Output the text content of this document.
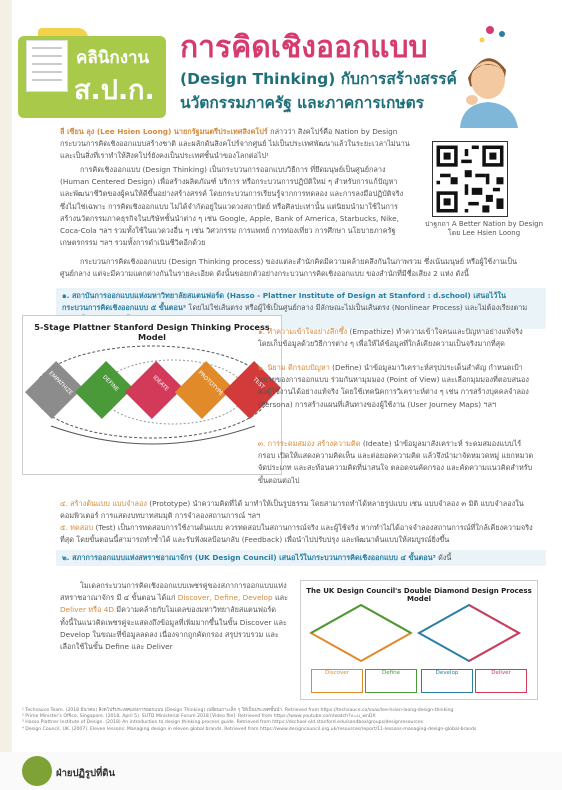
คลินิกงาน
ส.ป.ก.
การคิดเชิงออกแบบ
(Design Thinking) กับการสร้างสรรค์
นวัตกรรมภาครัฐ และภาคการเกษตร
ปาฐกถา A Better Nation by Design โดย Lee Hsien Loong
ลี เซียน ลุง (Lee Hsien Loong) นายกรัฐมนตรีประเทศสิงคโปร์ กล่าวว่า สิงคโปร์คือ Nation by Design กระบวนการคิดเชิงออกแบบสร้างชาติ และผลักดันสิงคโปร์จากศูนย์ ไม่เป็นประเทศพัฒนาแล้วในระยะเวลาไม่นาน และเป็นสิ่งที่เราทำให้สิงคโปร์ยังคงเป็นประเทศชั้นนำของโลกต่อไป¹
การคิดเชิงออกแบบ (Design Thinking) เป็นกระบวนการออกแบบวิธีการ ที่ยึดมนุษย์เป็นศูนย์กลาง (Human Centered Design) เพื่อสร้างผลิตภัณฑ์ บริการ หรือกระบวนการปฏิบัติใหม่ ๆ สำหรับการแก้ปัญหา และพัฒนาชีวิตของผู้คนให้ดีขึ้นอย่างสร้างสรรค์ โดยกระบวนการเรียนรู้จากการทดลอง และการลงมือปฏิบัติจริง ซึ่งไม่ใช่เฉพาะ การคิดเชิงออกแบบ ไม่ได้จำกัดอยู่ในแวดวงสถาปัตย์ หรือศิลปะเท่านั้น แต่นิยมนำมาใช้ในการสร้างนวัตกรรมภาคธุรกิจในบริษัทชั้นนำต่าง ๆ เช่น Google, Apple, Bank of America, Starbucks, Nike, Coca-Cola ฯลฯ รวมทั้งใช้ในแวดวงอื่น ๆ เช่น วิศวกรรม การแพทย์ การท่องเที่ยว การศึกษา นโยบายภาครัฐ เกษตรกรรม ฯลฯ รวมทั้งการดำเนินชีวิตอีกด้วย
กระบวนการคิดเชิงออกแบบ (Design Thinking process) ของแต่ละสำนักคิดมีความคล้ายคลึงกันในภาพรวม ซึ่งเน้นมนุษย์ หรือผู้ใช้งานเป็นศูนย์กลาง แต่จะมีความแตกต่างกันในรายละเอียด ดังนั้นขอยกตัวอย่างกระบวนการคิดเชิงออกแบบ ของสำนักที่มีชื่อเสียง 2 แห่ง ดังนี้
๑. สถาบันการออกแบบแห่งมหาวิทยาลัยสแตนฟอร์ด (Hasso - Plattner Institute of Design at Stanford : d.school) เสนอไว้ในกระบวนการคิดเชิงออกแบบ ๕ ขั้นตอน² โดยไม่ใช่เส้นตรง หรือผู้ใช้เป็นศูนย์กลาง มีลักษณะไม่เป็นเส้นตรง (Nonlinear Process) และไม่ต้องเรียงตาม
5-Stage Plattner Stanford Design Thinking Process Model
EMPATHIZE	DEFINE	IDEATE	PROTOTYPE	TEST
๑. ทำความเข้าใจอย่างลึกซึ้ง (Empathize) ทำความเข้าใจคนและปัญหาอย่างแท้จริง โดยเก็บข้อมูลด้วยวิธีการต่าง ๆ เพื่อให้ได้ข้อมูลที่ใกล้เคียงความเป็นจริงมากที่สุด
๒. นิยาม ตีกรอบปัญหา (Define) นำข้อมูลมาวิเคราะห์สรุปประเด็นสำคัญ กำหนดเป้าหมายของการออกแบบ ร่วมกันหามุมมอง (Point of View) และเลือกมุมมองที่ตอบสนองต่อผู้ใช้งานได้อย่างแท้จริง โดยใช้เทคนิคการวิเคราะห์ต่าง ๆ เช่น การสร้างบุคคลจำลอง (Persona) การสร้างแผนที่เส้นทางของผู้ใช้งาน (User Journey Maps) ฯลฯ
๓. การระดมสมอง สร้างความคิด (Ideate) นำข้อมูลมาสังเคราะห์ ระดมสมองแบบไร้กรอบ เปิดให้แสดงความคิดเห็น และต่อยอดความคิด แล้วจึงนำมาจัดหมวดหมู่ แยกหมวด จัดประเภท และสะท้อนความคิดที่น่าสนใจ ตลอดจนคัดกรอง และคัดความแนวคิดสำหรับขั้นตอนต่อไป
๔. สร้างต้นแบบ แบบจำลอง (Prototype) นำความคิดที่ได้ มาทำให้เป็นรูปธรรม โดยสามารถทำได้หลายรูปแบบ เช่น แบบจำลอง ๓ มิติ แบบจำลองในคอมพิวเตอร์ การแสดงบทบาทสมมุติ การจำลองสถานการณ์ ฯลฯ
๕. ทดสอบ (Test) เป็นการทดสอบการใช้งานต้นแบบ ควรทดสอบในสถานการณ์จริง และผู้ใช้จริง หากทำไม่ได้อาจจำลองสถานการณ์ที่ใกล้เคียงความจริงที่สุด โดยขั้นตอนนี้สามารถทำซ้ำได้ และรับฟังผลป้อนกลับ (Feedback) เพื่อนำไปปรับปรุง และพัฒนาต้นแบบให้สมบูรณ์ยิ่งขึ้น
๒. สภาการออกแบบแห่งสหราชอาณาจักร (UK Design Council) เสนอไว้ในกระบวนการคิดเชิงออกแบบ ๔ ขั้นตอน³ ดังนี้
โมเดลกระบวนการคิดเชิงออกแบบเพชรคู่ของสภาการออกแบบแห่งสหราชอาณาจักร มี ๔ ขั้นตอน ได้แก่ Discover, Define, Develop และ Deliver หรือ 4D มีความคล้ายกับโมเดลของมหาวิทยาลัยสแตนฟอร์ด ทั้งนี้ในแนวคิดเพชรคู่จะแสดงถึงข้อมูลที่เพิ่มมากขึ้นในขั้น Discover และ Develop ในขณะที่ข้อมูลลดลง เนื่องจากถูกคัดกรอง สรุปรวบรวม และเลือกใช้ในขั้น Define และ Deliver
The UK Design Council's Double Diamond Design Process Model
Discover	Define	Develop	Deliver
¹ Techsauce Team. (2018 มีนาคม) สิงคโปร์ประเทศแห่งการออกแบบ (Design Thinking) เปลี่ยนเกาะเล็ก ๆ ให้เป็นประเทศชั้นนำ. Retrieved from https://techsauce.co/saas/lee-hsien-loong-design-thinking
² Prime Minister's Office, Singapore. (2018, April 5). SUTD Ministerial Forum 2018 [Video file]. Retrieved from https://www.youtube.com/watch?v=u_wnDX
³ Hasso Plattner Institute of Design. (2018) An introduction to design thinking process guide. Retrieved from https://dschool-old.stanford.edu/sandbox/groups/designresources
⁴ Design Council, UK. (2007). Eleven lessons: Managing design in eleven global brands. Retrieved from https://www.designcouncil.org.uk/resources/report/11-lessons-managing-design-global-brands
ฝ่ายปฏิรูปที่ดิน
